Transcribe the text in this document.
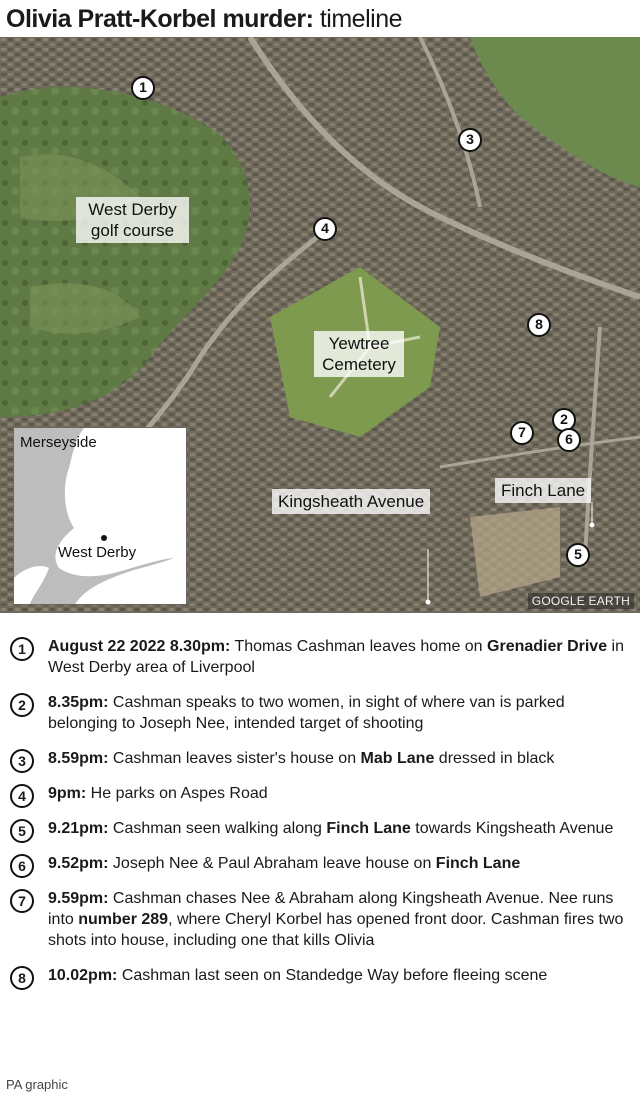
Olivia Pratt-Korbel murder: timeline
West Derby golf course
Yewtree Cemetery
Kingsheath Avenue
Finch Lane
1
3
4
8
2
6
7
5
GOOGLE EARTH
Merseyside
West Derby
1	August 22 2022 8.30pm: Thomas Cashman leaves home on Grenadier Drive in West Derby area of Liverpool
2	8.35pm: Cashman speaks to two women, in sight of where van is parked belonging to Joseph Nee, intended target of shooting
3	8.59pm: Cashman leaves sister's house on Mab Lane dressed in black
4	9pm: He parks on Aspes Road
5	9.21pm: Cashman seen walking along Finch Lane towards Kingsheath Avenue
6	9.52pm: Joseph Nee & Paul Abraham leave house on Finch Lane
7	9.59pm: Cashman chases Nee & Abraham along Kingsheath Avenue. Nee runs into number 289, where Cheryl Korbel has opened front door. Cashman fires two shots into house, including one that kills Olivia
8	10.02pm: Cashman last seen on Standedge Way before fleeing scene
PA graphic
